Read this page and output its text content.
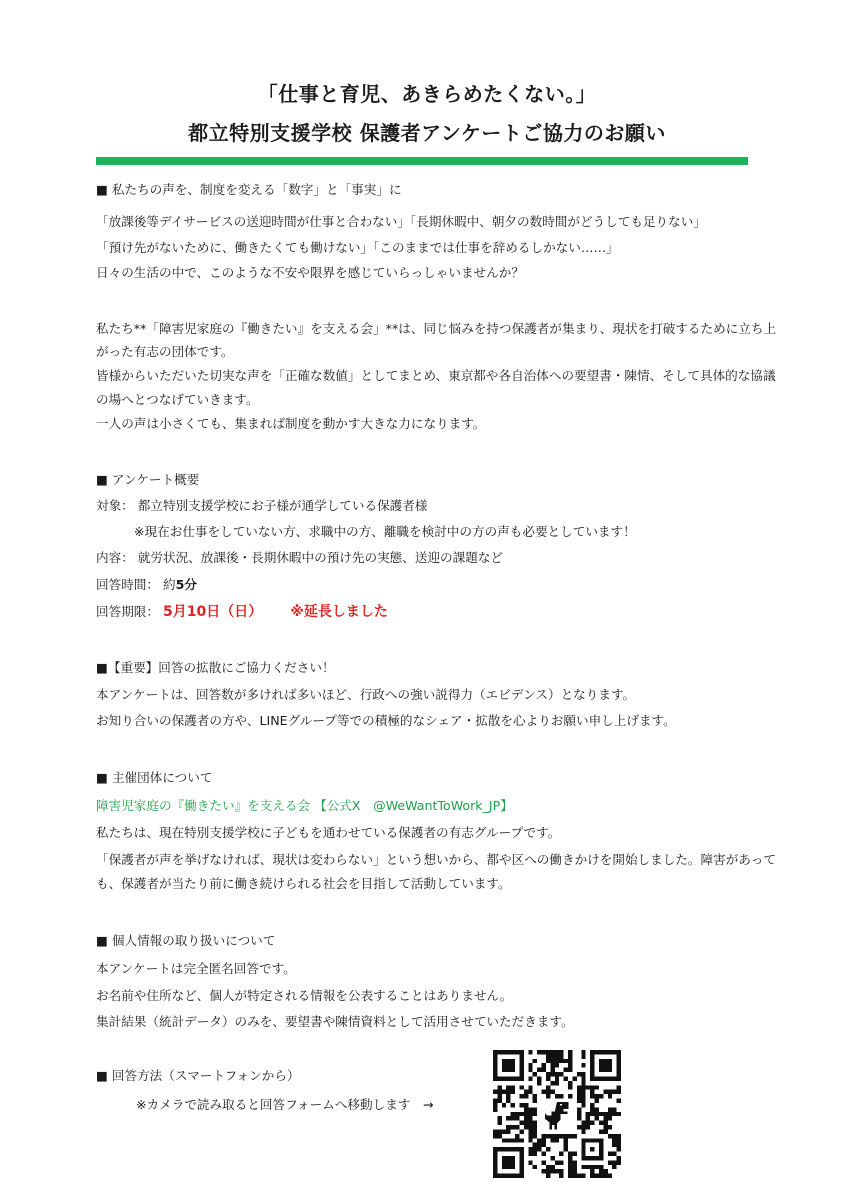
「仕事と育児、あきらめたくない。」
都立特別支援学校 保護者アンケートご協力のお願い
■ 私たちの声を、制度を変える「数字」と「事実」に
「放課後等デイサービスの送迎時間が仕事と合わない」「長期休暇中、朝夕の数時間がどうしても足りない」
「預け先がないために、働きたくても働けない」「このままでは仕事を辞めるしかない……」
日々の生活の中で、このような不安や限界を感じていらっしゃいませんか？
私たち**「障害児家庭の『働きたい』を支える会」**は、同じ悩みを持つ保護者が集まり、現状を打破するために立ち上
がった有志の団体です。
皆様からいただいた切実な声を「正確な数値」としてまとめ、東京都や各自治体への要望書・陳情、そして具体的な協議
の場へとつなげていきます。
一人の声は小さくても、集まれば制度を動かす大きな力になります。
■ アンケート概要
対象： 都立特別支援学校にお子様が通学している保護者様
※現在お仕事をしていない方、求職中の方、離職を検討中の方の声も必要としています！
内容： 就労状況、放課後・長期休暇中の預け先の実態、送迎の課題など
回答時間： 約5分
回答期限： 5月10日（日） ※延長しました
■【重要】回答の拡散にご協力ください！
本アンケートは、回答数が多ければ多いほど、行政への強い説得力（エビデンス）となります。
お知り合いの保護者の方や、LINEグループ等での積極的なシェア・拡散を心よりお願い申し上げます。
■ 主催団体について
障害児家庭の『働きたい』を支える会 【公式X　@WeWantToWork_JP】
私たちは、現在特別支援学校に子どもを通わせている保護者の有志グループです。
「保護者が声を挙げなければ、現状は変わらない」という想いから、都や区への働きかけを開始しました。障害があって
も、保護者が当たり前に働き続けられる社会を目指して活動しています。
■ 個人情報の取り扱いについて
本アンケートは完全匿名回答です。
お名前や住所など、個人が特定される情報を公表することはありません。
集計結果（統計データ）のみを、要望書や陳情資料として活用させていただきます。
■ 回答方法（スマートフォンから）
※カメラで読み取ると回答フォームへ移動します　→
